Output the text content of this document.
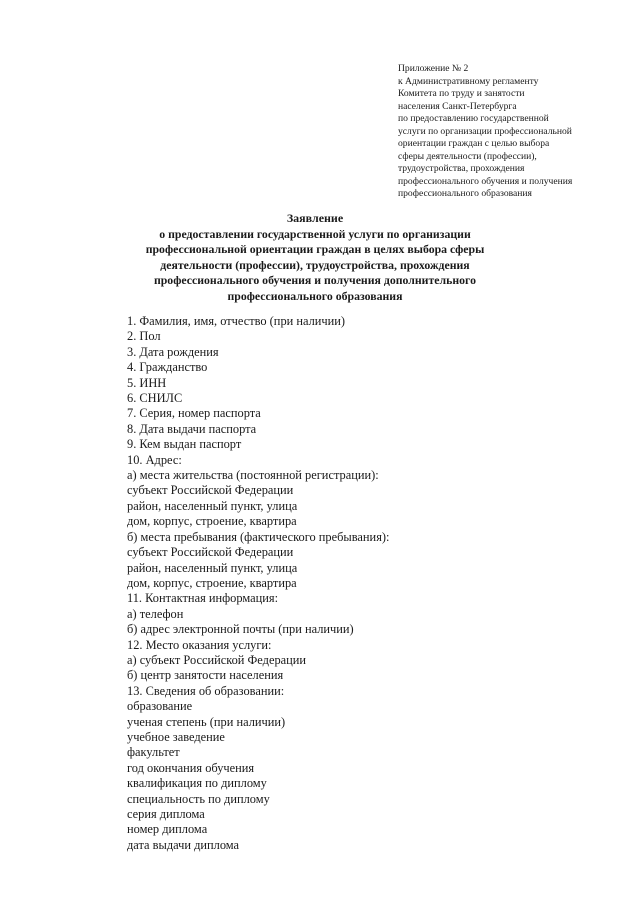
Приложение № 2
к Административному регламенту
Комитета по труду и занятости
населения Санкт-Петербурга
по предоставлению государственной
услуги по организации профессиональной
ориентации граждан с целью выбора
сферы деятельности (профессии),
трудоустройства, прохождения
профессионального обучения и получения
профессионального образования
Заявление
о предоставлении государственной услуги по организации
профессиональной ориентации граждан в целях выбора сферы
деятельности (профессии), трудоустройства, прохождения
профессионального обучения и получения дополнительного
профессионального образования
1. Фамилия, имя, отчество (при наличии)
2. Пол
3. Дата рождения
4. Гражданство
5. ИНН
6. СНИЛС
7. Серия, номер паспорта
8. Дата выдачи паспорта
9. Кем выдан паспорт
10. Адрес:
а) места жительства (постоянной регистрации):
субъект Российской Федерации
район, населенный пункт, улица
дом, корпус, строение, квартира
б) места пребывания (фактического пребывания):
субъект Российской Федерации
район, населенный пункт, улица
дом, корпус, строение, квартира
11. Контактная информация:
а) телефон
б) адрес электронной почты (при наличии)
12. Место оказания услуги:
а) субъект Российской Федерации
б) центр занятости населения
13. Сведения об образовании:
образование
ученая степень (при наличии)
учебное заведение
факультет
год окончания обучения
квалификация по диплому
специальность по диплому
серия диплома
номер диплома
дата выдачи диплома
